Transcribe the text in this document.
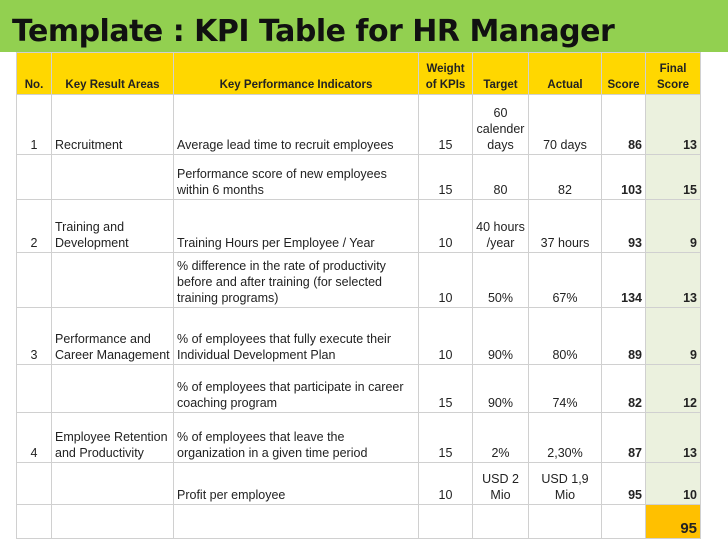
Template : KPI Table for HR Manager
No.	Key Result Areas	Key Performance Indicators	Weight of KPIs	Target	Actual	Score	Final Score
1	Recruitment	Average lead time to recruit employees	15	60 calender days	70 days	86	13
		Performance score of new employees within 6 months	15	80	82	103	15
2	Training and Development	Training Hours per Employee / Year	10	40 hours /year	37 hours	93	9
		% difference in the rate of productivity before and after training (for selected training programs)	10	50%	67%	134	13
3	Performance and Career Management	% of employees that fully execute their Individual Development Plan	10	90%	80%	89	9
		% of employees that participate in career coaching program	15	90%	74%	82	12
4	Employee Retention and Productivity	% of employees that leave the organization in a given time period	15	2%	2,30%	87	13
		Profit per employee	10	USD 2 Mio	USD 1,9 Mio	95	10
							95
